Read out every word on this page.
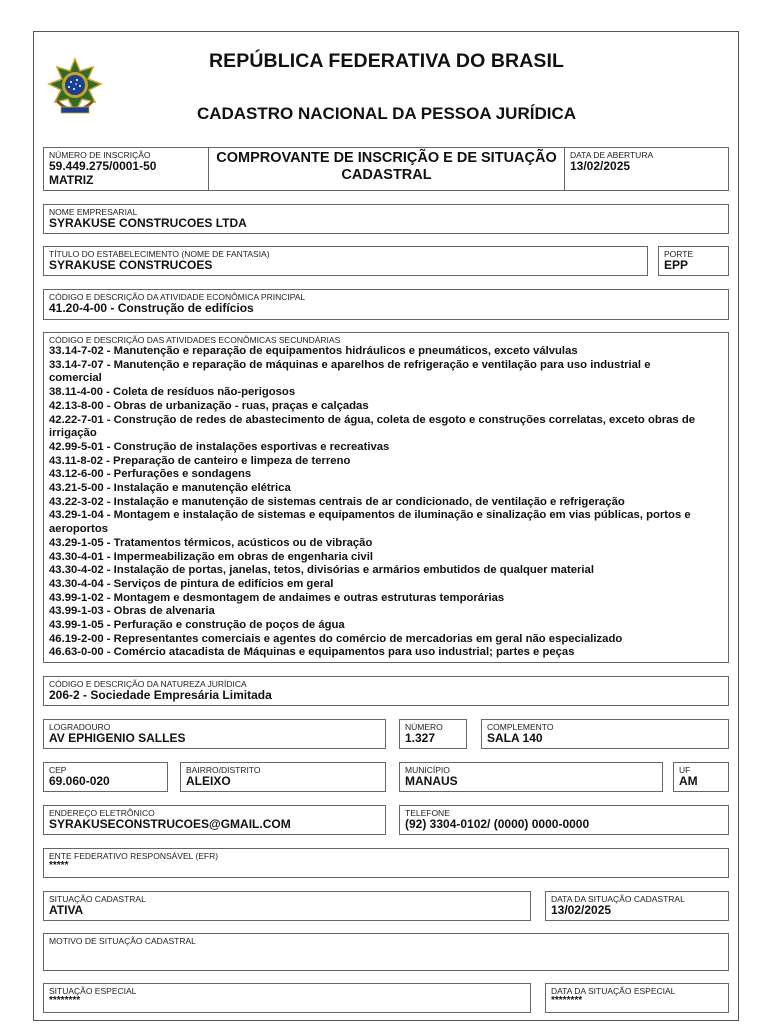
REPÚBLICA FEDERATIVA DO BRASIL
CADASTRO NACIONAL DA PESSOA JURÍDICA
NÚMERO DE INSCRIÇÃO
59.449.275/0001-50
MATRIZ
COMPROVANTE DE INSCRIÇÃO E DE SITUAÇÃO
CADASTRAL
DATA DE ABERTURA
13/02/2025
NOME EMPRESARIAL
SYRAKUSE CONSTRUCOES LTDA
TÍTULO DO ESTABELECIMENTO (NOME DE FANTASIA)
SYRAKUSE CONSTRUCOES
PORTE
EPP
CÓDIGO E DESCRIÇÃO DA ATIVIDADE ECONÔMICA PRINCIPAL
41.20-4-00 - Construção de edifícios
CÓDIGO E DESCRIÇÃO DAS ATIVIDADES ECONÔMICAS SECUNDÁRIAS
33.14-7-02 - Manutenção e reparação de equipamentos hidráulicos e pneumáticos, exceto válvulas
33.14-7-07 - Manutenção e reparação de máquinas e aparelhos de refrigeração e ventilação para uso industrial e
comercial
38.11-4-00 - Coleta de resíduos não-perigosos
42.13-8-00 - Obras de urbanização - ruas, praças e calçadas
42.22-7-01 - Construção de redes de abastecimento de água, coleta de esgoto e construções correlatas, exceto obras de
irrigação
42.99-5-01 - Construção de instalações esportivas e recreativas
43.11-8-02 - Preparação de canteiro e limpeza de terreno
43.12-6-00 - Perfurações e sondagens
43.21-5-00 - Instalação e manutenção elétrica
43.22-3-02 - Instalação e manutenção de sistemas centrais de ar condicionado, de ventilação e refrigeração
43.29-1-04 - Montagem e instalação de sistemas e equipamentos de iluminação e sinalização em vias públicas, portos e
aeroportos
43.29-1-05 - Tratamentos térmicos, acústicos ou de vibração
43.30-4-01 - Impermeabilização em obras de engenharia civil
43.30-4-02 - Instalação de portas, janelas, tetos, divisórias e armários embutidos de qualquer material
43.30-4-04 - Serviços de pintura de edifícios em geral
43.99-1-02 - Montagem e desmontagem de andaimes e outras estruturas temporárias
43.99-1-03 - Obras de alvenaria
43.99-1-05 - Perfuração e construção de poços de água
46.19-2-00 - Representantes comerciais e agentes do comércio de mercadorias em geral não especializado
46.63-0-00 - Comércio atacadista de Máquinas e equipamentos para uso industrial; partes e peças
CÓDIGO E DESCRIÇÃO DA NATUREZA JURÍDICA
206-2 - Sociedade Empresária Limitada
LOGRADOURO
AV EPHIGENIO SALLES
NÚMERO
1.327
COMPLEMENTO
SALA 140
CEP
69.060-020
BAIRRO/DISTRITO
ALEIXO
MUNICÍPIO
MANAUS
UF
AM
ENDEREÇO ELETRÔNICO
SYRAKUSECONSTRUCOES@GMAIL.COM
TELEFONE
(92) 3304-0102/ (0000) 0000-0000
ENTE FEDERATIVO RESPONSÁVEL (EFR)
*****
SITUAÇÃO CADASTRAL
ATIVA
DATA DA SITUAÇÃO CADASTRAL
13/02/2025
MOTIVO DE SITUAÇÃO CADASTRAL
SITUAÇÃO ESPECIAL
********
DATA DA SITUAÇÃO ESPECIAL
********
